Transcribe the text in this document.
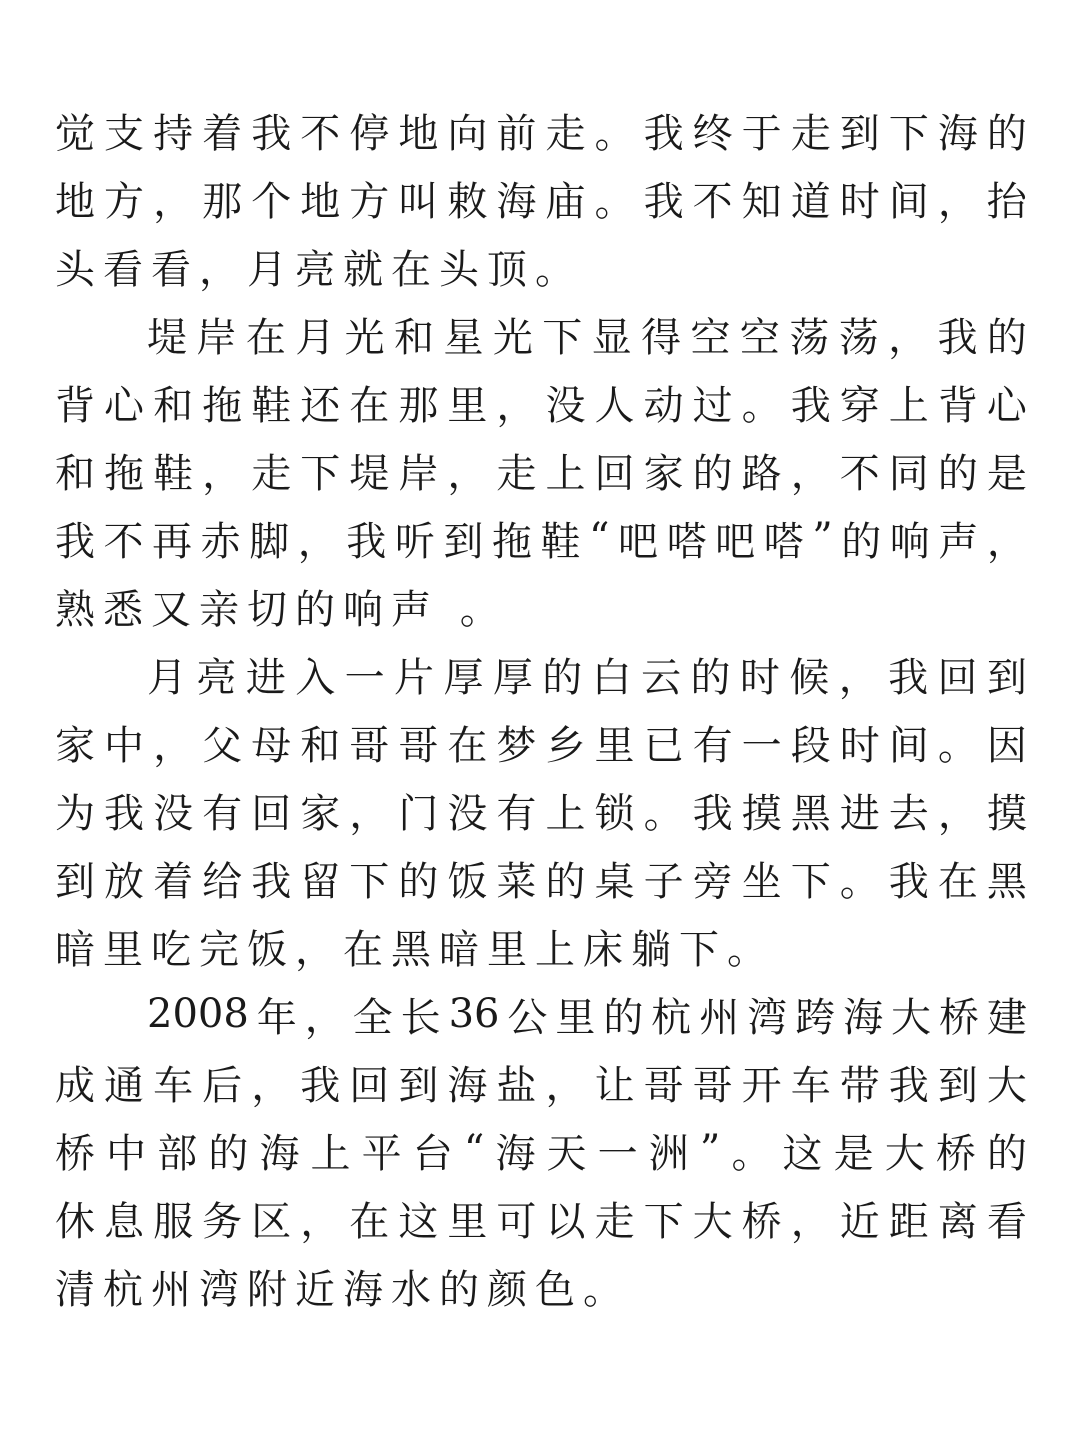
觉 支 持 着 我 不 停 地 向 前 走 。 我 终 于 走 到 下 海 的
地 方 ， 那 个 地 方 叫 敕 海 庙 。 我 不 知 道 时 间 ， 抬
头看看，月亮就在头顶。
堤 岸 在 月 光 和 星 光 下 显 得 空 空 荡 荡 ， 我 的
背 心 和 拖 鞋 还 在 那 里 ， 没 人 动 过 。 我 穿 上 背 心
和 拖 鞋 ， 走 下 堤 岸 ， 走 上 回 家 的 路 ， 不 同 的 是
我 不 再 赤 脚 ， 我 听 到 拖 鞋 “ 吧 嗒 吧 嗒 ” 的 响 声 ，
熟悉又亲切的响声 。
月 亮 进 入 一 片 厚 厚 的 白 云 的 时 候 ， 我 回 到
家 中 ， 父 母 和 哥 哥 在 梦 乡 里 已 有 一 段 时 间 。 因
为 我 没 有 回 家 ， 门 没 有 上 锁 。 我 摸 黑 进 去 ， 摸
到 放 着 给 我 留 下 的 饭 菜 的 桌 子 旁 坐 下 。 我 在 黑
暗里吃完饭，在黑暗里上床躺下。
2008 年 ， 全 长 36 公 里 的 杭 州 湾 跨 海 大 桥 建
成 通 车 后 ， 我 回 到 海 盐 ， 让 哥 哥 开 车 带 我 到 大
桥 中 部 的 海 上 平 台 “ 海 天 一 洲 ” 。 这 是 大 桥 的
休 息 服 务 区 ， 在 这 里 可 以 走 下 大 桥 ， 近 距 离 看
清杭州湾附近海水的颜色。
